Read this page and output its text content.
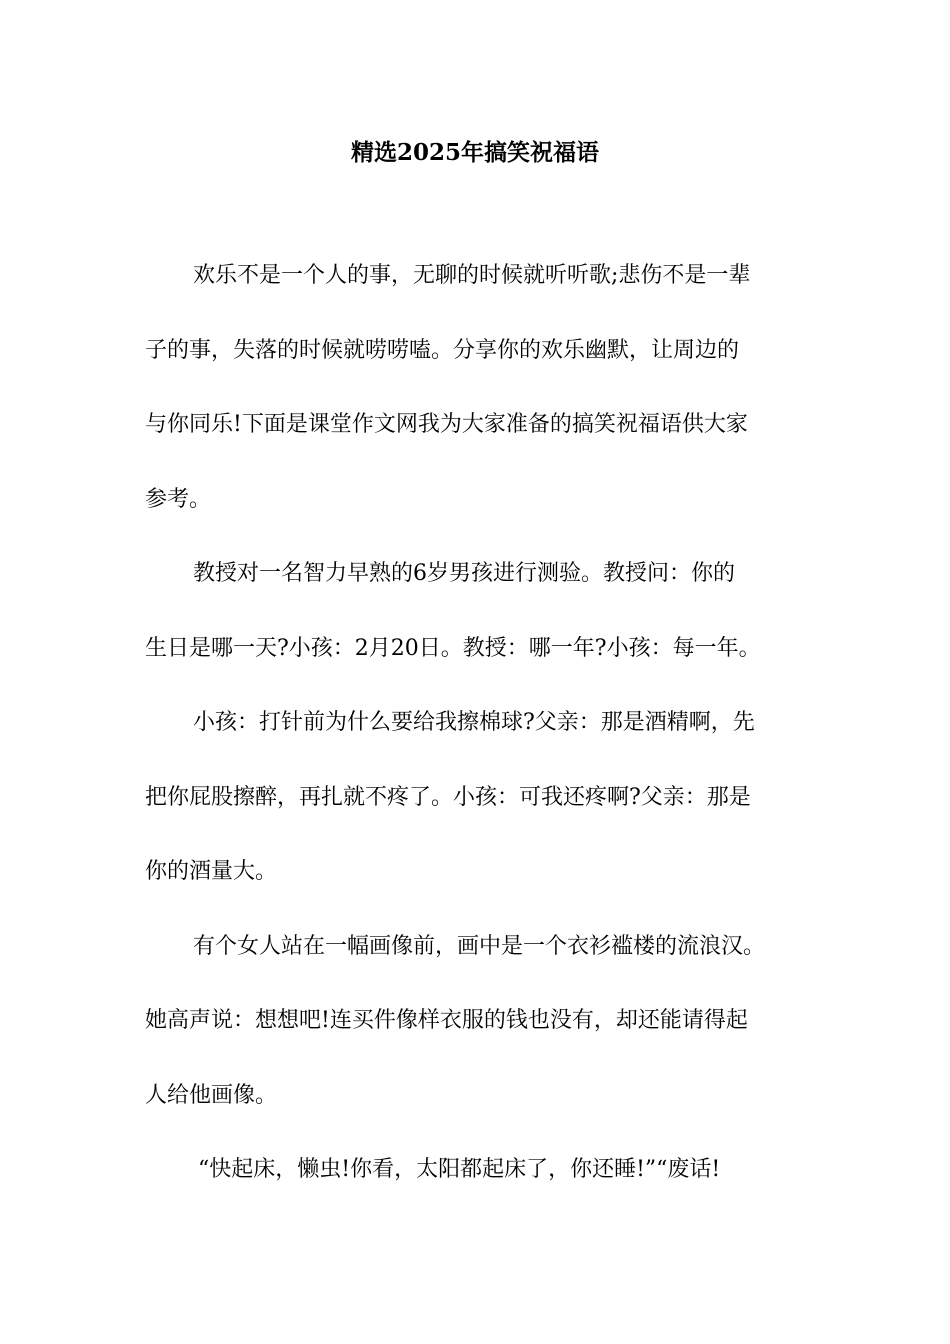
精选2025年搞笑祝福语
欢乐不是一个人的事，无聊的时候就听听歌;悲伤不是一辈
子的事，失落的时候就唠唠嗑。分享你的欢乐幽默，让周边的
与你同乐!下面是课堂作文网我为大家准备的搞笑祝福语供大家
参考。
教授对一名智力早熟的6岁男孩进行测验。教授问：你的
生日是哪一天?小孩：2月20日。教授：哪一年?小孩：每一年。
小孩：打针前为什么要给我擦棉球?父亲：那是酒精啊，先
把你屁股擦醉，再扎就不疼了。小孩：可我还疼啊?父亲：那是
你的酒量大。
有个女人站在一幅画像前，画中是一个衣衫褴楼的流浪汉。
她高声说：想想吧!连买件像样衣服的钱也没有，却还能请得起
人给他画像。
“快起床，懒虫!你看，太阳都起床了，你还睡!”“废话!
